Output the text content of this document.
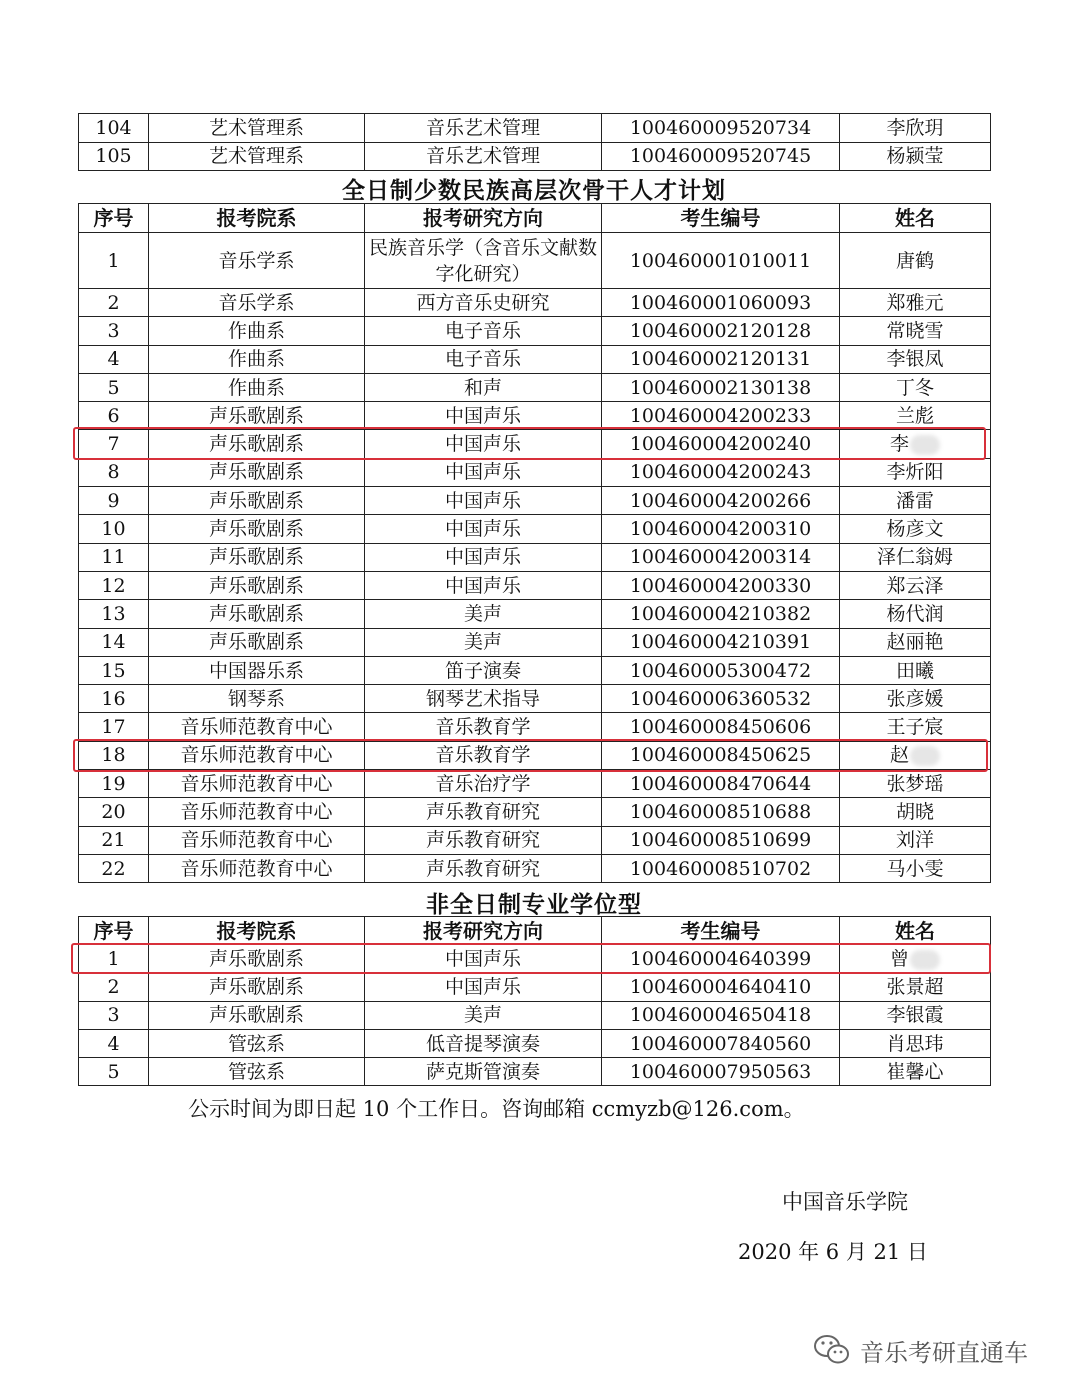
104	艺术管理系	音乐艺术管理	100460009520734	李欣玥
105	艺术管理系	音乐艺术管理	100460009520745	杨颍莹
全日制少数民族高层次骨干人才计划
序号	报考院系	报考研究方向	考生编号	姓名
1	音乐学系	民族音乐学（含音乐文献数字化研究）	100460001010011	唐鹤
2	音乐学系	西方音乐史研究	100460001060093	郑雅元
3	作曲系	电子音乐	100460002120128	常晓雪
4	作曲系	电子音乐	100460002120131	李银凤
5	作曲系	和声	100460002130138	丁冬
6	声乐歌剧系	中国声乐	100460004200233	兰彪
7	声乐歌剧系	中国声乐	100460004200240	李
8	声乐歌剧系	中国声乐	100460004200243	李炘阳
9	声乐歌剧系	中国声乐	100460004200266	潘雷
10	声乐歌剧系	中国声乐	100460004200310	杨彦文
11	声乐歌剧系	中国声乐	100460004200314	泽仁翁姆
12	声乐歌剧系	中国声乐	100460004200330	郑云泽
13	声乐歌剧系	美声	100460004210382	杨代润
14	声乐歌剧系	美声	100460004210391	赵丽艳
15	中国器乐系	笛子演奏	100460005300472	田曦
16	钢琴系	钢琴艺术指导	100460006360532	张彦媛
17	音乐师范教育中心	音乐教育学	100460008450606	王子宸
18	音乐师范教育中心	音乐教育学	100460008450625	赵
19	音乐师范教育中心	音乐治疗学	100460008470644	张梦瑶
20	音乐师范教育中心	声乐教育研究	100460008510688	胡晓
21	音乐师范教育中心	声乐教育研究	100460008510699	刘洋
22	音乐师范教育中心	声乐教育研究	100460008510702	马小雯
非全日制专业学位型
序号	报考院系	报考研究方向	考生编号	姓名
1	声乐歌剧系	中国声乐	100460004640399	曾
2	声乐歌剧系	中国声乐	100460004640410	张景超
3	声乐歌剧系	美声	100460004650418	李银霞
4	管弦系	低音提琴演奏	100460007840560	肖思玮
5	管弦系	萨克斯管演奏	100460007950563	崔馨心
公示时间为即日起 10 个工作日。咨询邮箱 ccmyzb@126.com。
中国音乐学院
2020 年 6 月 21 日
音乐考研直通车
